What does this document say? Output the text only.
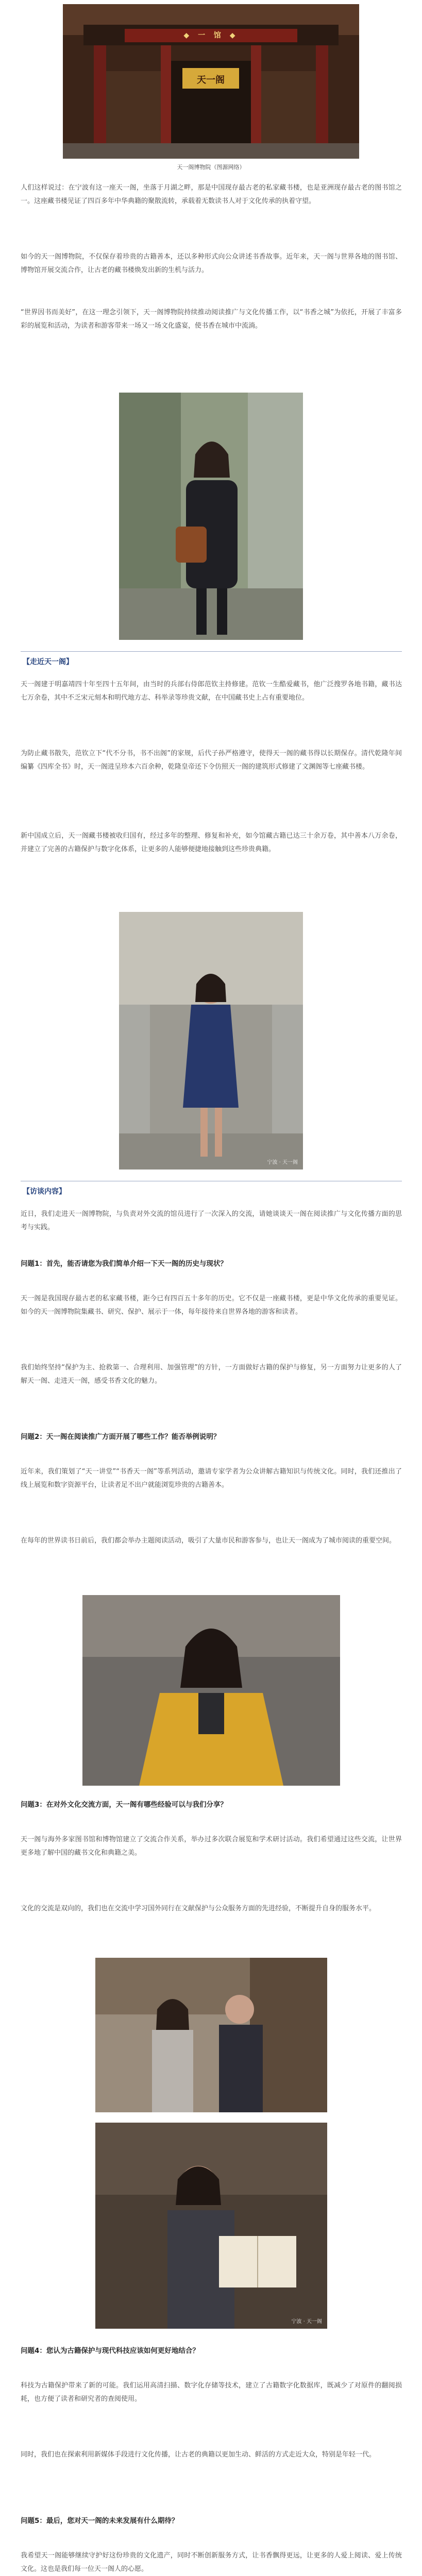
◆ 一 馆 ◆
天一阁
天一阁博物院（图源网络）

人们这样说过：在宁波有这一座天一阁，坐落于月湖之畔，那是中国现存最古老的私家藏书楼，也是亚洲现存最古老的图书馆之一。这座藏书楼见证了四百多年中华典籍的聚散流转，承载着无数读书人对于文化传承的执着守望。

如今的天一阁博物院，不仅保存着珍贵的古籍善本，还以多种形式向公众讲述书香故事。近年来，天一阁与世界各地的图书馆、博物馆开展交流合作，让古老的藏书楼焕发出新的生机与活力。

“世界因书而美好”，在这一理念引领下，天一阁博物院持续推动阅读推广与文化传播工作，以“书香之城”为依托，开展了丰富多彩的展览和活动，为读者和游客带来一场又一场文化盛宴，使书香在城市中流淌。

【走近天一阁】

天一阁建于明嘉靖四十年至四十五年间，由当时的兵部右侍郎范钦主持修建。范钦一生酷爱藏书，他广泛搜罗各地书籍，藏书达七万余卷，其中不乏宋元刻本和明代地方志、科举录等珍贵文献，在中国藏书史上占有重要地位。

为防止藏书散失，范钦立下“代不分书，书不出阁”的家规，后代子孙严格遵守，使得天一阁的藏书得以长期保存。清代乾隆年间编纂《四库全书》时，天一阁进呈珍本六百余种，乾隆皇帝还下令仿照天一阁的建筑形式修建了文渊阁等七座藏书楼。

新中国成立后，天一阁藏书楼被收归国有，经过多年的整理、修复和补充，如今馆藏古籍已达三十余万卷，其中善本八万余卷，并建立了完善的古籍保护与数字化体系，让更多的人能够便捷地接触到这些珍贵典籍。

宁波 · 天一阁
【访谈内容】

近日，我们走进天一阁博物院，与负责对外交流的馆员进行了一次深入的交流，请她谈谈天一阁在阅读推广与文化传播方面的思考与实践。

问题1：首先，能否请您为我们简单介绍一下天一阁的历史与现状？

天一阁是我国现存最古老的私家藏书楼，距今已有四百五十多年的历史。它不仅是一座藏书楼，更是中华文化传承的重要见证。如今的天一阁博物院集藏书、研究、保护、展示于一体，每年接待来自世界各地的游客和读者。

我们始终坚持“保护为主、抢救第一、合理利用、加强管理”的方针，一方面做好古籍的保护与修复，另一方面努力让更多的人了解天一阁、走进天一阁，感受书香文化的魅力。

问题2：天一阁在阅读推广方面开展了哪些工作？能否举例说明？

近年来，我们策划了“天一讲堂”“书香天一阁”等系列活动，邀请专家学者为公众讲解古籍知识与传统文化。同时，我们还推出了线上展览和数字资源平台，让读者足不出户就能浏览珍贵的古籍善本。

在每年的世界读书日前后，我们都会举办主题阅读活动，吸引了大量市民和游客参与，也让天一阁成为了城市阅读的重要空间。

问题3：在对外文化交流方面，天一阁有哪些经验可以与我们分享？

天一阁与海外多家图书馆和博物馆建立了交流合作关系，举办过多次联合展览和学术研讨活动。我们希望通过这些交流，让世界更多地了解中国的藏书文化和典籍之美。

文化的交流是双向的，我们也在交流中学习国外同行在文献保护与公众服务方面的先进经验，不断提升自身的服务水平。

宁波 · 天一阁

问题4：您认为古籍保护与现代科技应该如何更好地结合？

科技为古籍保护带来了新的可能。我们运用高清扫描、数字化存储等技术，建立了古籍数字化数据库，既减少了对原件的翻阅损耗，也方便了读者和研究者的查阅使用。

同时，我们也在探索利用新媒体手段进行文化传播，让古老的典籍以更加生动、鲜活的方式走近大众，特别是年轻一代。

问题5：最后，您对天一阁的未来发展有什么期待？

我希望天一阁能够继续守护好这份珍贵的文化遗产，同时不断创新服务方式，让书香飘得更远，让更多的人爱上阅读、爱上传统文化。这也是我们每一位天一阁人的心愿。
